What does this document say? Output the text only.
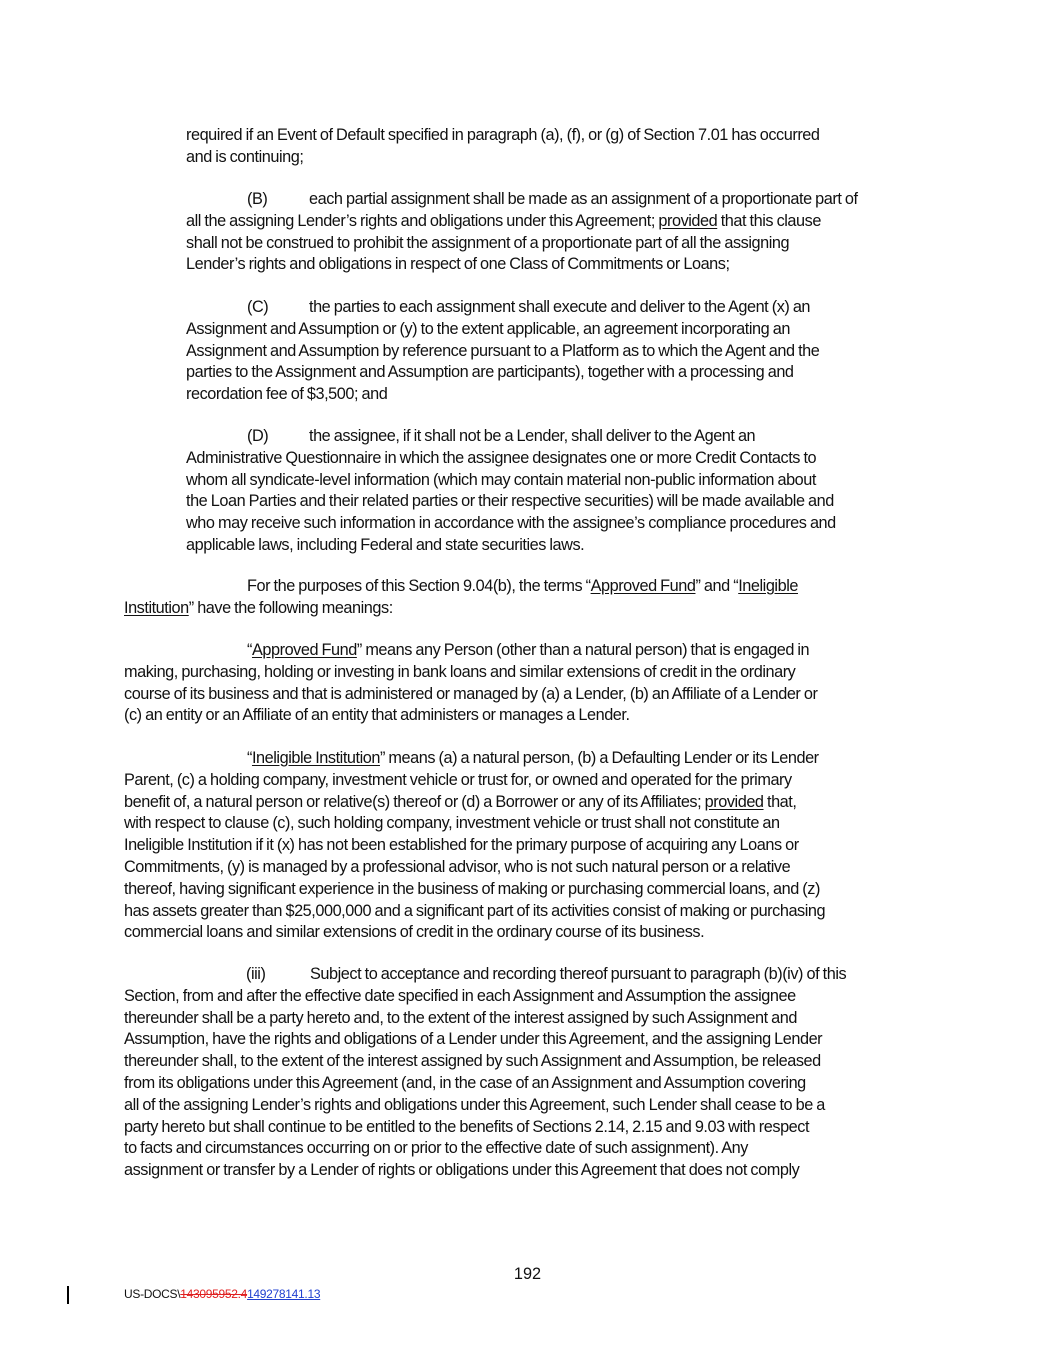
required if an Event of Default specified in paragraph (a), (f), or (g) of Section 7.01 has occurred
and is continuing;
(B)	each partial assignment shall be made as an assignment of a proportionate part of
all the assigning Lender’s rights and obligations under this Agreement; provided that this clause
shall not be construed to prohibit the assignment of a proportionate part of all the assigning
Lender’s rights and obligations in respect of one Class of Commitments or Loans;
(C) the parties to each assignment shall execute and deliver to the Agent (x) an
Assignment and Assumption or (y) to the extent applicable, an agreement incorporating an
Assignment and Assumption by reference pursuant to a Platform as to which the Agent and the
parties to the Assignment and Assumption are participants), together with a processing and
recordation fee of $3,500; and
(D) the assignee, if it shall not be a Lender, shall deliver to the Agent an
Administrative Questionnaire in which the assignee designates one or more Credit Contacts to
whom all syndicate-level information (which may contain material non-public information about
the Loan Parties and their related parties or their respective securities) will be made available and
who may receive such information in accordance with the assignee’s compliance procedures and
applicable laws, including Federal and state securities laws.
For the purposes of this Section 9.04(b), the terms “Approved Fund” and “Ineligible
Institution” have the following meanings:
“Approved Fund” means any Person (other than a natural person) that is engaged in
making, purchasing, holding or investing in bank loans and similar extensions of credit in the ordinary
course of its business and that is administered or managed by (a) a Lender, (b) an Affiliate of a Lender or
(c) an entity or an Affiliate of an entity that administers or manages a Lender.
“Ineligible Institution” means (a) a natural person, (b) a Defaulting Lender or its Lender
Parent, (c) a holding company, investment vehicle or trust for, or owned and operated for the primary
benefit of, a natural person or relative(s) thereof or (d) a Borrower or any of its Affiliates; provided that,
with respect to clause (c), such holding company, investment vehicle or trust shall not constitute an
Ineligible Institution if it (x) has not been established for the primary purpose of acquiring any Loans or
Commitments, (y) is managed by a professional advisor, who is not such natural person or a relative
thereof, having significant experience in the business of making or purchasing commercial loans, and (z)
has assets greater than $25,000,000 and a significant part of its activities consist of making or purchasing
commercial loans and similar extensions of credit in the ordinary course of its business.
(iii)	Subject to acceptance and recording thereof pursuant to paragraph (b)(iv) of this
Section, from and after the effective date specified in each Assignment and Assumption the assignee
thereunder shall be a party hereto and, to the extent of the interest assigned by such Assignment and
Assumption, have the rights and obligations of a Lender under this Agreement, and the assigning Lender
thereunder shall, to the extent of the interest assigned by such Assignment and Assumption, be released
from its obligations under this Agreement (and, in the case of an Assignment and Assumption covering
all of the assigning Lender’s rights and obligations under this Agreement, such Lender shall cease to be a
party hereto but shall continue to be entitled to the benefits of Sections 2.14, 2.15 and 9.03 with respect
to facts and circumstances occurring on or prior to the effective date of such assignment). Any
assignment or transfer by a Lender of rights or obligations under this Agreement that does not comply
192
US-DOCS\143095952.4149278141.13
